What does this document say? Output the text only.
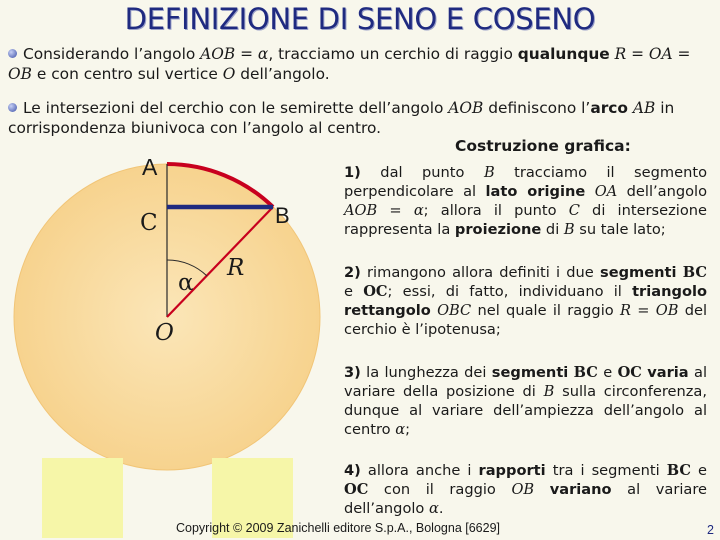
DEFINIZIONE DI SENO E COSENO
Considerando l’angolo AOB = α, tracciamo un cerchio di raggio qualunque R = OA =
OB e con centro sul vertice O dell’angolo.
Le intersezioni del cerchio con le semirette dell’angolo AOB definiscono l’arco AB in
corrispondenza biunivoca con l’angolo al centro.
A
B
C
O
R
α
Costruzione grafica:
1) dal punto B tracciamo il segmento perpendicolare al lato origine OA dell’angolo AOB = α; allora il punto C di intersezione rappresenta la proiezione di B su tale lato;
2) rimangono allora definiti i due segmenti BC e OC; essi, di fatto, individuano il triangolo rettangolo OBC nel quale il raggio R = OB del cerchio è l’ipotenusa;
3) la lunghezza dei segmenti BC e OC varia al variare della posizione di B sulla circonferenza, dunque al variare dell’ampiezza dell’angolo al centro α;
4) allora anche i rapporti tra i segmenti BC e OC con il raggio OB variano al variare dell’angolo α.
Copyright © 2009 Zanichelli editore S.p.A., Bologna [6629]	2
